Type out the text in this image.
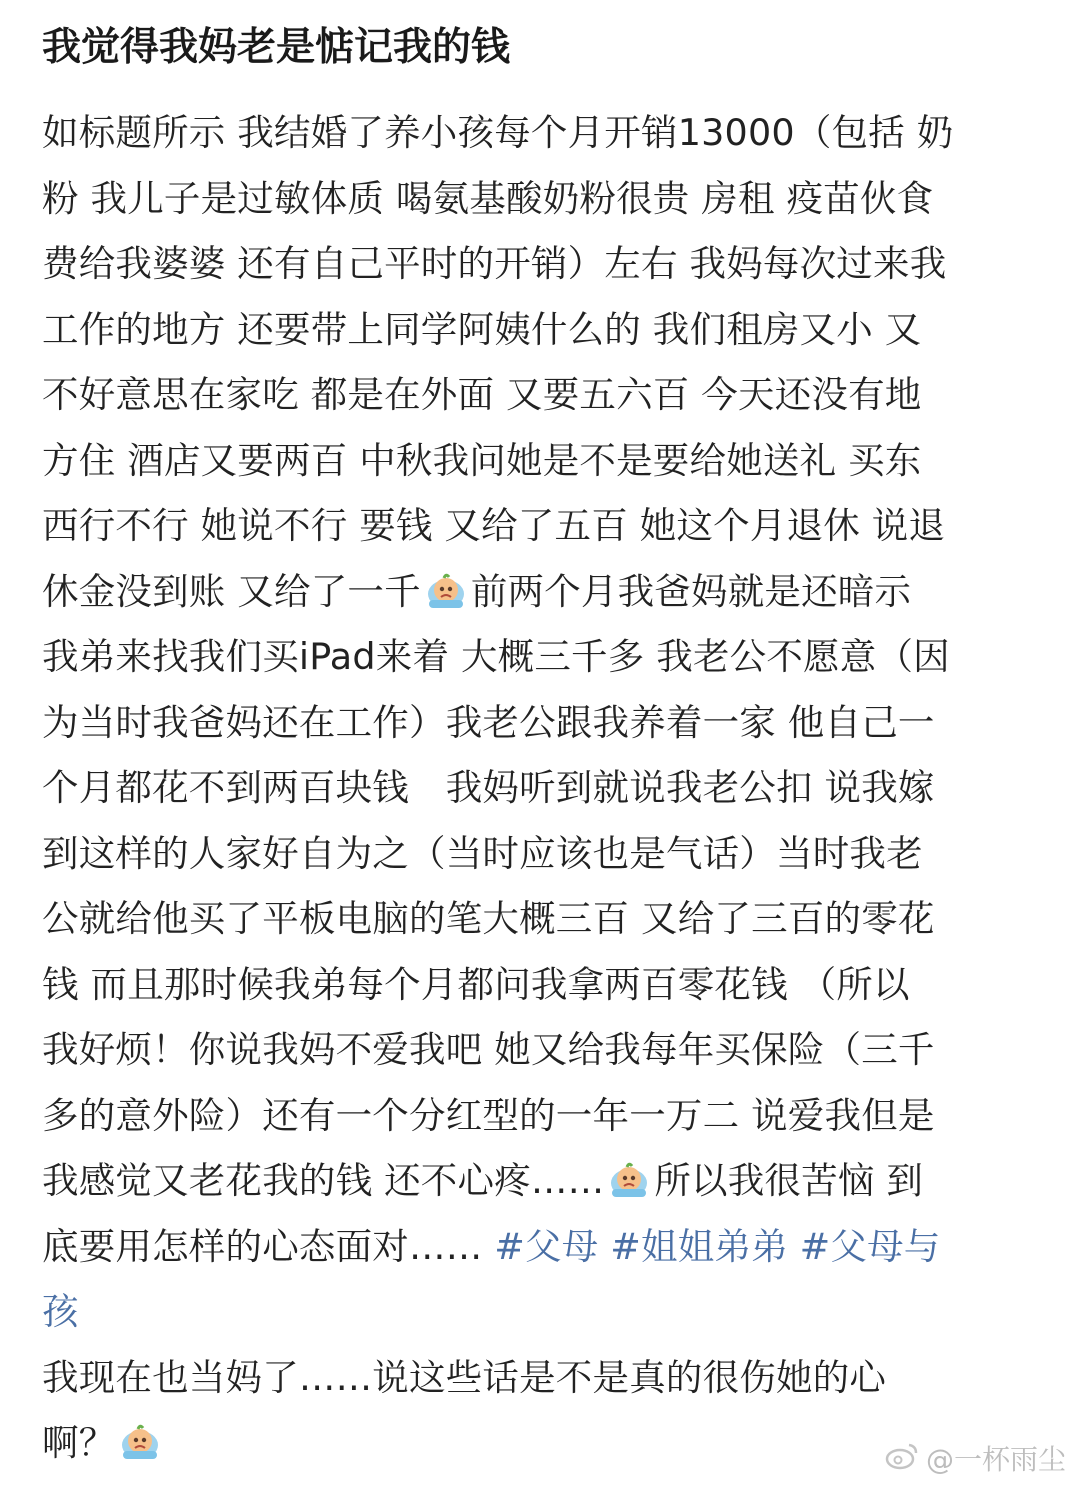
我觉得我妈老是惦记我的钱
如标题所示 我结婚了养小孩每个月开销13000（包括 奶
粉 我儿子是过敏体质 喝氨基酸奶粉很贵 房租 疫苗伙食
费给我婆婆 还有自己平时的开销）左右 我妈每次过来我
工作的地方 还要带上同学阿姨什么的 我们租房又小 又
不好意思在家吃 都是在外面 又要五六百 今天还没有地
方住 酒店又要两百 中秋我问她是不是要给她送礼 买东
西行不行 她说不行 要钱 又给了五百 她这个月退休 说退
休金没到账 又给了一千 前两个月我爸妈就是还暗示
我弟来找我们买iPad来着 大概三千多 我老公不愿意（因
为当时我爸妈还在工作）我老公跟我养着一家 他自己一
个月都花不到两百块钱　我妈听到就说我老公扣 说我嫁
到这样的人家好自为之（当时应该也是气话）当时我老
公就给他买了平板电脑的笔大概三百 又给了三百的零花
钱 而且那时候我弟每个月都问我拿两百零花钱 （所以
我好烦！你说我妈不爱我吧 她又给我每年买保险（三千
多的意外险）还有一个分红型的一年一万二 说爱我但是
我感觉又老花我的钱 还不心疼…… 所以我很苦恼 到
底要用怎样的心态面对…… #父母 #姐姐弟弟 #父母与
孩
我现在也当妈了……说这些话是不是真的很伤她的心
啊？	@一杯雨尘
